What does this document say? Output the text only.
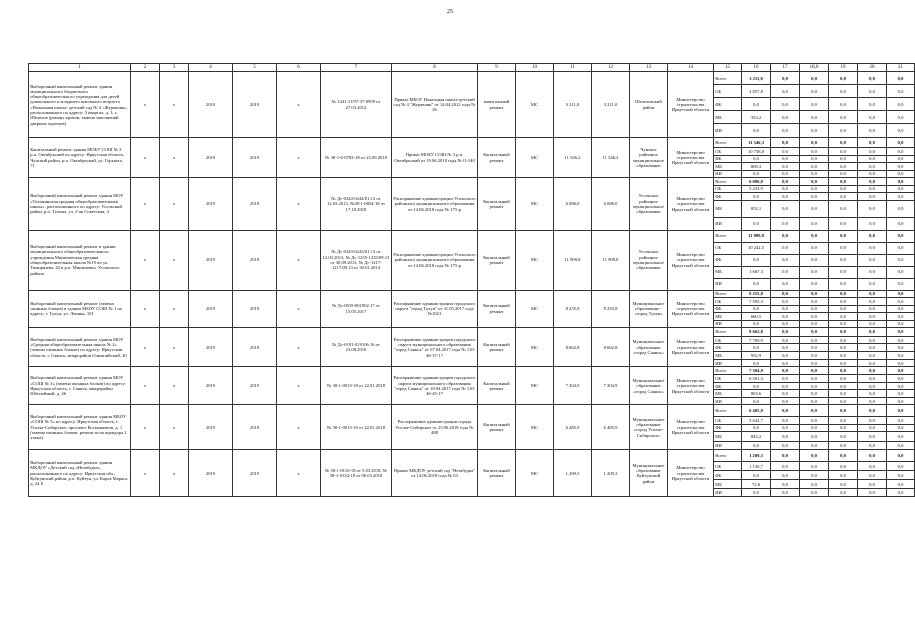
25
1	2	3	4	5	6	7	8	9	10	11	12	13	14	15	16	17	18,0	19	20	21
Выборочный капитальный ремонт здания муниципального бюджетного общеобразовательного учреждения для детей дошкольного и младшего школьного возраста «Начальная школа- детский сад № 4 «Журавлик», расположенного по адресу: 3 квартал, д. 3, г. Шелехов (ремонт кровли, замена заполнений дверных проемов)	х	х	2019	2019	х	№ 1441-11/97-37-0959 от 27.03.2012	Приказ МБОУ Начальная школа-детский сад № 4 "Журавлик" от 14.04.2012 года № 26	капитальный ремонт	МС	3 211,0	3 211,0	Шелеховский район	Министерство строительства Иркутской области	Всего	3 211,0	0,0	0,0	0,0	0,0	0,0
														ОБ	2 857,8	0,0	0,0	0,0	0,0	0,0
														ФБ	0,0	0,0	0,0	0,0	0,0	0,0
														МБ	353,2	0,0	0,0	0,0	0,0	0,0
														ИИ	0,0	0,0	0,0	0,0	0,0	0,0
Капитальный ремонт здания МОБУ СОШ № 3 р.п. Октябрьский по адресу: Иркутская область, Чунский район, р.п. Октябрьский, ул. Горького, 71	х	х	2019	2019	х	№ 38-1-6-0783-18 от 23.09.2018	Приказ МОБУ СОШ № 3 р.п. Октябрьский от 19.06.2018 года № О-140	Капитальный ремонт	МС	11 546,2	11 546,2	Чунское районное муниципальное образование	Министерство строительства Иркутской области	Всего	11 546,3	0,0	0,0	0,0	0,0	0,0
														ОБ	10 738,0	0,0	0,0	0,0	0,0	0,0
														ФБ	0,0	0,0	0,0	0,0	0,0	0,0
														МБ	808,3	0,0	0,0	0,0	0,0	0,0
														ИИ	0,0	0,0	0,0	0,0	0,0	0,0
Выборочный капитальный ремонт здания МОУ «Тельминская средняя общеобразовательная школа», расположенного по адресу: Усольский район, р.п. Тельма, ул. 2-ая Советская, 4	х	х	2019	2019	х	№ Дс-0244-0244/01.13 от 12.03.2013, №38-1-0854-18 от 17.10.2018	Распоряжение администрации Усольского районного муниципального образования от 14.06.2018 года № 175-р	Капитальный ремонт	МС	6 086,0	6 086,0	Усольское районное муниципальное образование	Министерство строительства Иркутской области	Всего	6 086,0	0,0	0,0	0,0	0,0	0,0
														ОБ	5 233,9	0,0	0,0	0,0	0,0	0,0
														ФБ	0,0	0,0	0,0	0,0	0,0	0,0
														МБ	852,1	0,0	0,0	0,0	0,0	0,0
														ИИ	0,0	0,0	0,0	0,0	0,0	0,0
Выборочный капитальный ремонт в здании муниципального общеобразовательного учреждения Мишелевская средняя общеобразовательная школа №19 по ул. Тимирязева, 42 в р.п. Мишелевка, Усольского района	х	х	2019	2019	х	№ Дс-0243-0243/01.13 от 12.03.2013, № Дс-1235-1235/09.13 от 30.09.2013, № Дс-1217-1217/09.13 от 30.01.2014	Распоряжение администрации Усольского районного муниципального образования от 14.06.2018 года № 175-р	Капитальный ремонт	МС	11 909,8	11 909,8	Усольское районное муниципальное образование	Министерство строительства Иркутской области	Всего	11 909,8	0,0	0,0	0,0	0,0	0,0
														ОБ	10 242,5	0,0	0,0	0,0	0,0	0,0
														ФБ	0,0	0,0	0,0	0,0	0,0	0,0
														МБ	1 667,3	0,0	0,0	0,0	0,0	0,0
														ИИ	0,0	0,0	0,0	0,0	0,0	0,0
Выборочный капитальный ремонт (замена оконных блоков) в здании МБОУ СОШ № 1 по адресу: г. Тулун, ул. Ленина, 101	х	х	2019	2019	х	№ Дс-0019-001902.17 от 15.05.2017	Распоряжение администрации городского округа "город Тулун" от 31.05.2017 года №1021	Капитальный ремонт	МС	8 255,8	8 255,8	Муниципальное образование - «город Тулун»	Министерство строительства Иркутской области	Всего	8 255,8	0,0	0,0	0,0	0,0	0,0
														ОБ	7 595,3	0,0	0,0	0,0	0,0	0,0
														ФБ	0,0	0,0	0,0	0,0	0,0	0,0
														МБ	660,5	0,0	0,0	0,0	0,0	0,0
														ИИ	0,0	0,0	0,0	0,0	0,0	0,0
Выборочный капитальный ремонт здания МОУ «Средняя общеобразовательная школа № 2» (замена оконных блоков) по адресу: Иркутская область, г. Саянск, микрорайон Олимпийский, 20	х	х	2019	2019	х	№ Дс-0191-019106.16 от 23.08.2016	Распоряжение администрации городского округа муниципального образования "город Саянск" от 07.04.2017 года № 110-46-37-17	Капитальный ремонт	МС	8 662,8	8 662,8	Муниципальное образование «город Саянск»	Министерство строительства Иркутской области	Всего	8 662,8	0,0	0,0	0,0	0,0	0,0
														ОБ	7 709,9	0,0	0,0	0,0	0,0	0,0
														ФБ	0,0	0,0	0,0	0,0	0,0	0,0
														МБ	952,9	0,0	0,0	0,0	0,0	0,0
														ИИ	0,0	0,0	0,0	0,0	0,0	0,0
Выборочный капитальный ремонт здания МОУ «СОШ № 3» (замена оконных блоков) по адресу: Иркутская область, г. Саянск, микрорайон Юбилейный, д. 46	х	х	2019	2019	х	№ 38-1-0013-18 от 22.01.2018	Распоряжение администрации городского округа муниципального образования "город Саянск" от 18.04.2017 года № 110-46-45-17	Капитальный ремонт	МС	7 304,9	7 304,9	Муниципальное образование «город Саянск»	Министерство строительства Иркутской области	Всего	7 304,9	0,0	0,0	0,0	0,0	0,0
														ОБ	6 501,3	0,0	0,0	0,0	0,0	0,0
														ФБ	0,0	0,0	0,0	0,0	0,0	0,0
														МБ	803,6	0,0	0,0	0,0	0,0	0,0
														ИИ	0,0	0,0	0,0	0,0	0,0	0,0
Выборочный капитальный ремонт здания МБОУ «СОШ № 5» по адресу: Иркутская область, г. Усолье-Сибирское, проспект Космонавтов, д. 1 (замена оконных блоков, ремонт пола коридора 2 этажа)	х	х	2019	2019	х	№ 38-1-0013-18 от 22.01.2018	Распоряжение администрации города Усолье-Сибирское от 25.06.2018 года № 488	Капитальный ремонт	МС	6 485,9	6 485,9	Муниципальное образование «город Усолье-Сибирское»	Министерство строительства Иркутской области	Всего	6 485,9	0,0	0,0	0,0	0,0	0,0
														ОБ	5 642,7	0,0	0,0	0,0	0,0	0,0
														ФБ	0,0	0,0	0,0	0,0	0,0	0,0
														МБ	843,2	0,0	0,0	0,0	0,0	0,0
														ИИ	0,0	0,0	0,0	0,0	0,0	0,0
Выборочный капитальный ремонт здания МКДОУ «Детский сад «Незабудка», расположенного по адресу: Иркутская обл., Куйтунский район, р.п. Куйтун, ул. Карла Маркса, д. 24 Б	х	х	2019	2019	х	№ 38-1-0110-18 от 5.03.2018, № 38-1-0134-18 от 06.03.2018	Приказ МКДОУ детский сад "Незабудка" от 14.06.2018 года № 63	Капитальный ремонт	МС	1 209,3	1 209,3	Муниципальное образование Куйтунский район	Министерство строительства Иркутской области	Всего	1 209,3	0,0	0,0	0,0	0,0	0,0
														ОБ	1 136,7	0,0	0,0	0,0	0,0	0,0
														ФБ	0,0	0,0	0,0	0,0	0,0	0,0
														МБ	72,6	0,0	0,0	0,0	0,0	0,0
														ИИ	0,0	0,0	0,0	0,0	0,0	0,0
